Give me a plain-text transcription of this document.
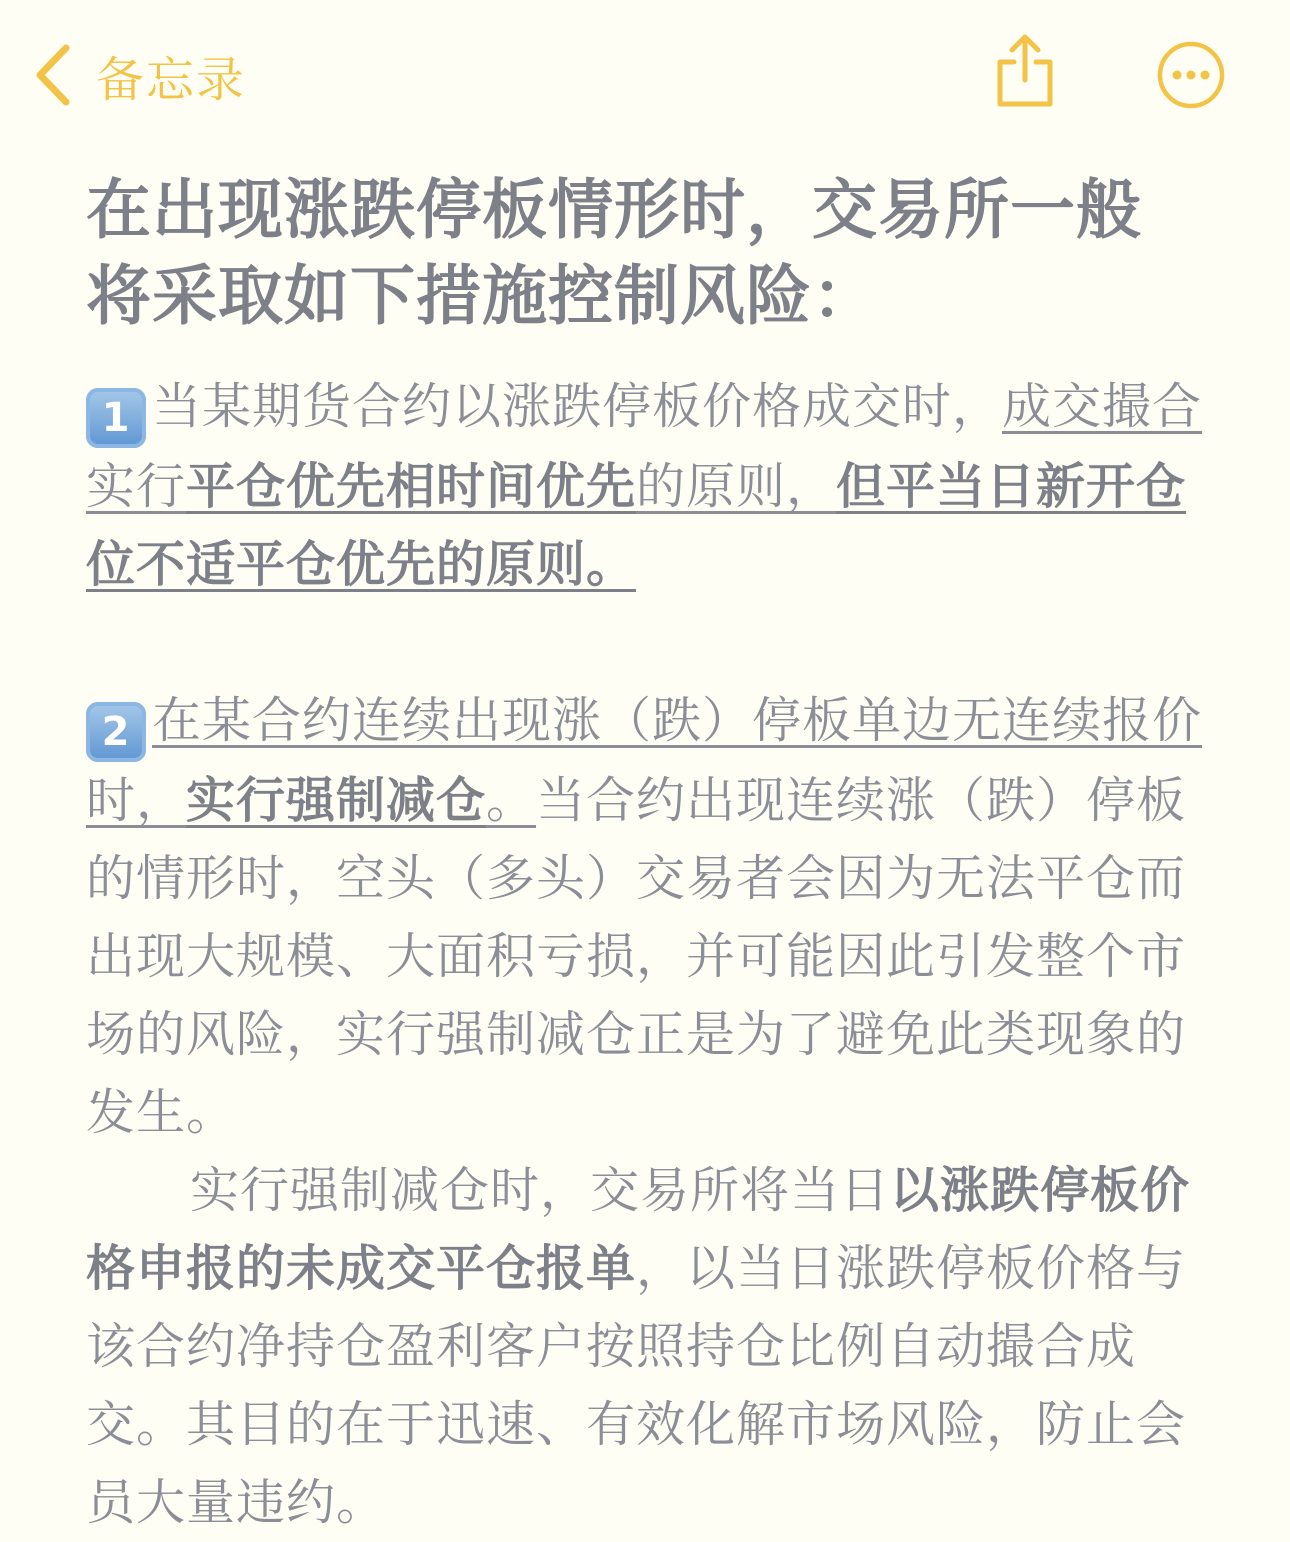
备忘录
在出现涨跌停板情形时，交易所一般将采取如下措施控制风险：

1 当某期货合约以涨跌停板价格成交时，成交撮合实行平仓优先相时间优先的原则，但平当日新开仓位不适平仓优先的原则。

2 在某合约连续出现涨（跌）停板单边无连续报价时，实行强制减仓。当合约出现连续涨（跌）停板的情形时，空头（多头）交易者会因为无法平仓而出现大规模、大面积亏损，并可能因此引发整个市场的风险，实行强制减仓正是为了避免此类现象的发生。

实行强制减仓时，交易所将当日以涨跌停板价格申报的未成交平仓报单，以当日涨跌停板价格与该合约净持仓盈利客户按照持仓比例自动撮合成交。其目的在于迅速、有效化解市场风险，防止会员大量违约。
